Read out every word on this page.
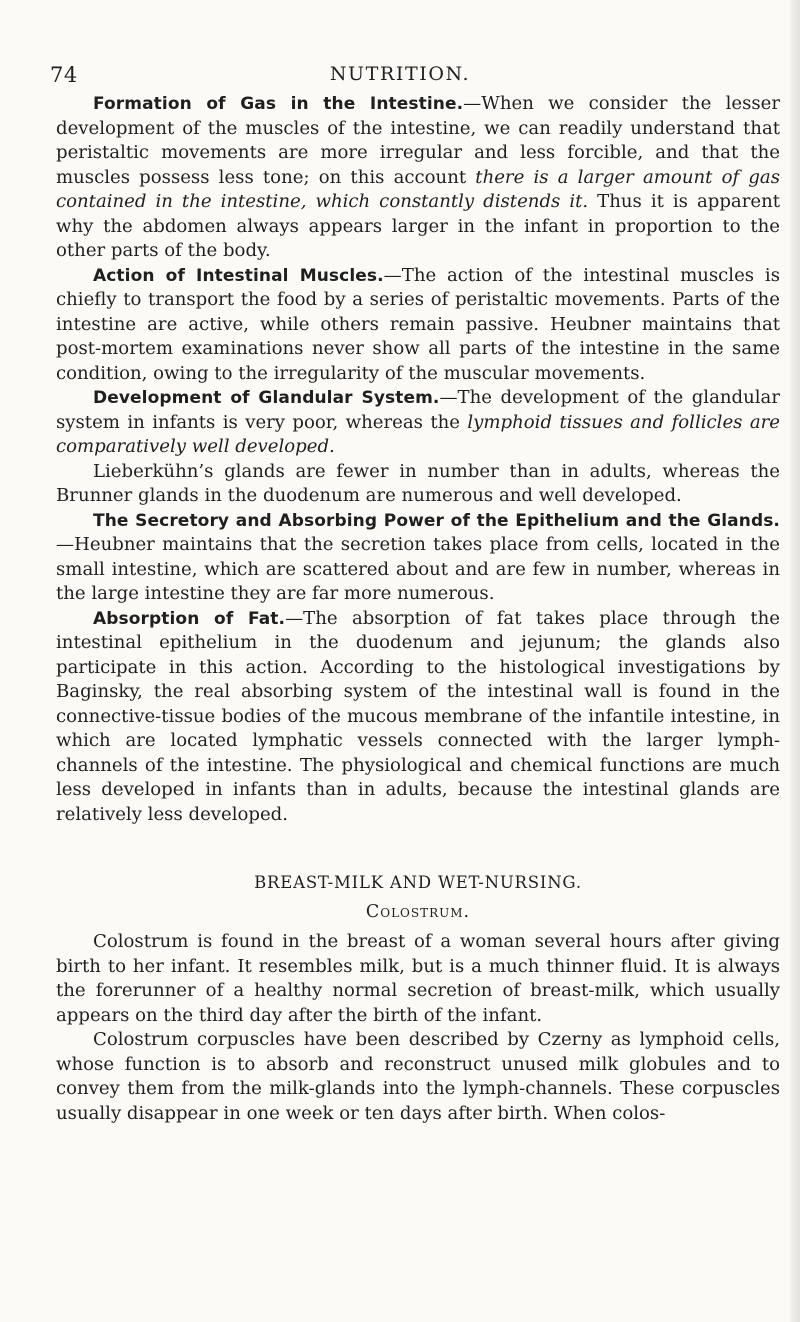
74	NUTRITION.

Formation of Gas in the Intestine.—When we consider the lesser development of the muscles of the intestine, we can readily understand that peristaltic movements are more irregular and less forcible, and that the muscles possess less tone; on this account there is a larger amount of gas contained in the intestine, which constantly distends it. Thus it is apparent why the abdomen always appears larger in the infant in proportion to the other parts of the body.

Action of Intestinal Muscles.—The action of the intestinal muscles is chiefly to transport the food by a series of peristaltic movements. Parts of the intestine are active, while others remain passive. Heubner maintains that post-mortem examinations never show all parts of the intestine in the same condition, owing to the irregularity of the muscular movements.

Development of Glandular System.—The development of the glandular system in infants is very poor, whereas the lymphoid tissues and follicles are comparatively well developed.

Lieberkühn’s glands are fewer in number than in adults, whereas the Brunner glands in the duodenum are numerous and well developed.

The Secretory and Absorbing Power of the Epithelium and the Glands. —Heubner maintains that the secretion takes place from cells, located in the small intestine, which are scattered about and are few in number, whereas in the large intestine they are far more numerous.

Absorption of Fat.—The absorption of fat takes place through the intestinal epithelium in the duodenum and jejunum; the glands also participate in this action. According to the histological investigations by Baginsky, the real absorbing system of the intestinal wall is found in the connective-tissue bodies of the mucous membrane of the infantile intestine, in which are located lymphatic vessels connected with the larger lymph-channels of the intestine. The physiological and chemical functions are much less developed in infants than in adults, because the intestinal glands are relatively less developed.

BREAST-MILK AND WET-NURSING.
Colostrum.

Colostrum is found in the breast of a woman several hours after giving birth to her infant. It resembles milk, but is a much thinner fluid. It is always the forerunner of a healthy normal secretion of breast-milk, which usually appears on the third day after the birth of the infant.

Colostrum corpuscles have been described by Czerny as lymphoid cells, whose function is to absorb and reconstruct unused milk globules and to convey them from the milk-glands into the lymph-channels. These corpuscles usually disappear in one week or ten days after birth. When colos-
